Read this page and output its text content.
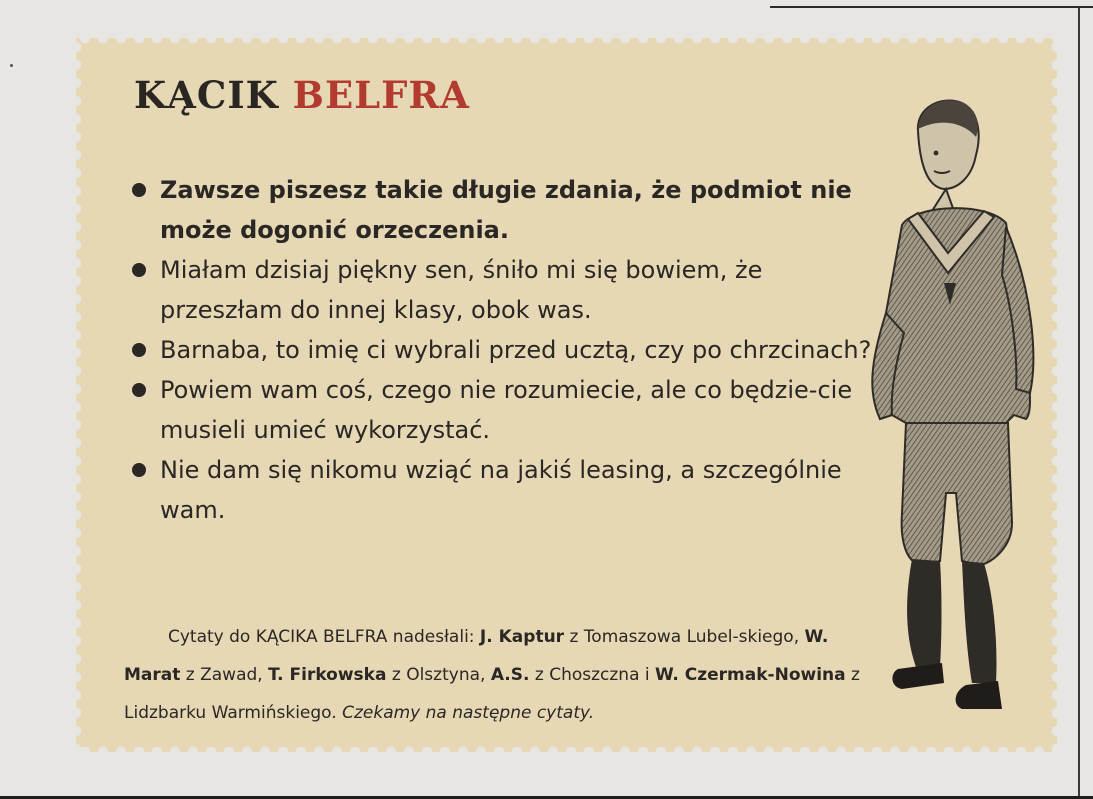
KĄCIK BELFRA
Zawsze piszesz takie długie zdania, że podmiot nie może dogonić orzeczenia.
Miałam dzisiaj piękny sen, śniło mi się bowiem, że przeszłam do innej klasy, obok was.
Barnaba, to imię ci wybrali przed ucztą, czy po chrzcinach?
Powiem wam coś, czego nie rozumiecie, ale co będzie-cie musieli umieć wykorzystać.
Nie dam się nikomu wziąć na jakiś leasing, a szczególnie wam.

Cytaty do KĄCIKA BELFRA nadesłali: J. Kaptur z Tomaszowa Lubel-skiego, W. Marat z Zawad, T. Firkowska z Olsztyna, A.S. z Choszczna i W. Czermak-Nowina z Lidzbarku Warmińskiego. Czekamy na następne cytaty.
